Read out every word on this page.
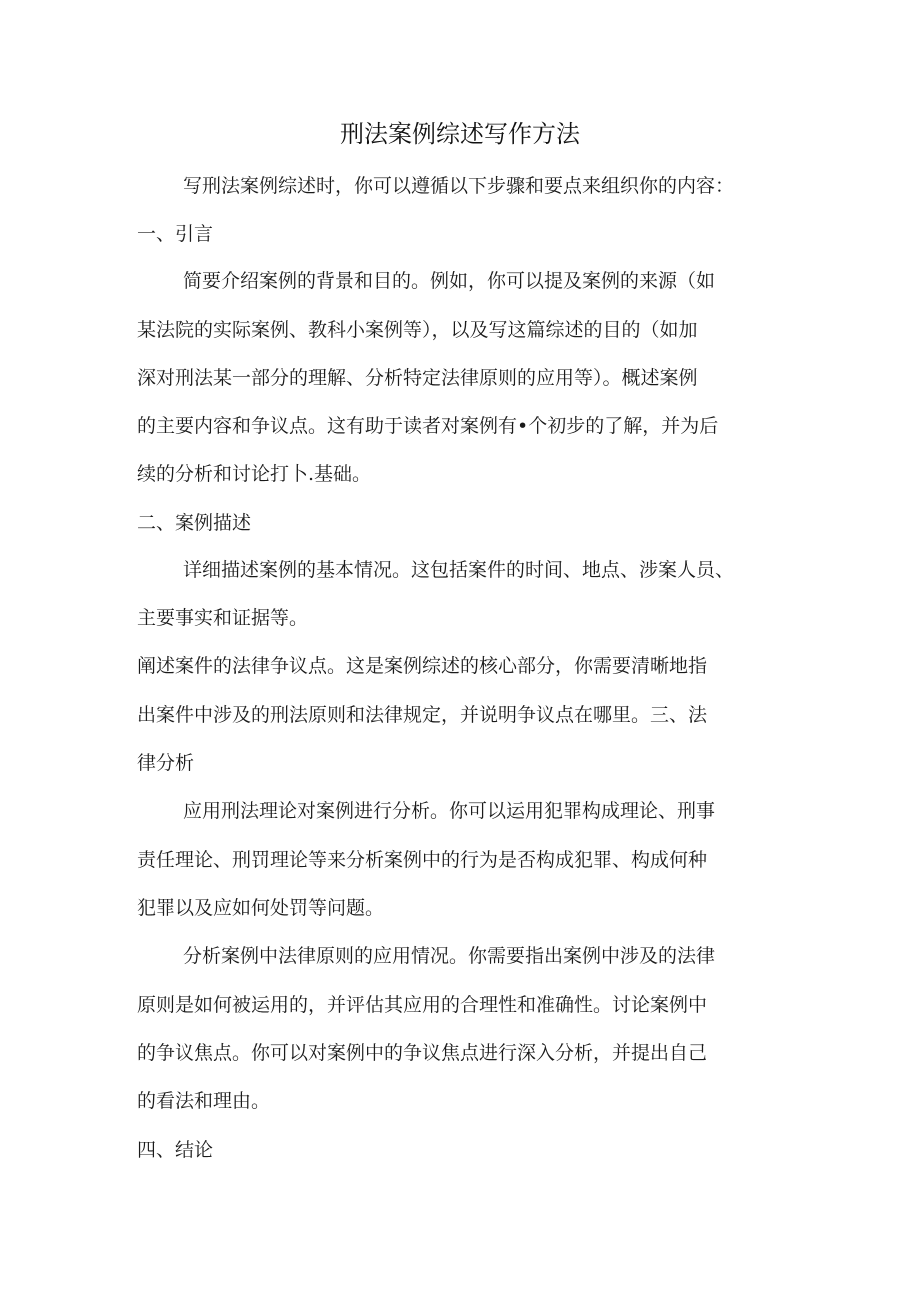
刑法案例综述写作方法
写刑法案例综述时，你可以遵循以下步骤和要点来组织你的内容：
一、引言
简要介绍案例的背景和目的。例如，你可以提及案例的来源（如
某法院的实际案例、教科小案例等），以及写这篇综述的目的（如加
深对刑法某一部分的理解、分析特定法律原则的应用等）。概述案例
的主要内容和争议点。这有助于读者对案例有•个初步的了解，并为后
续的分析和讨论打卜.基础。
二、案例描述
详细描述案例的基本情况。这包括案件的时间、地点、涉案人员、
主要事实和证据等。
阐述案件的法律争议点。这是案例综述的核心部分，你需要清晰地指
出案件中涉及的刑法原则和法律规定，并说明争议点在哪里。三、法
律分析
应用刑法理论对案例进行分析。你可以运用犯罪构成理论、刑事
责任理论、刑罚理论等来分析案例中的行为是否构成犯罪、构成何种
犯罪以及应如何处罚等问题。
分析案例中法律原则的应用情况。你需要指出案例中涉及的法律
原则是如何被运用的，并评估其应用的合理性和准确性。讨论案例中
的争议焦点。你可以对案例中的争议焦点进行深入分析，并提出自己
的看法和理由。
四、结论
